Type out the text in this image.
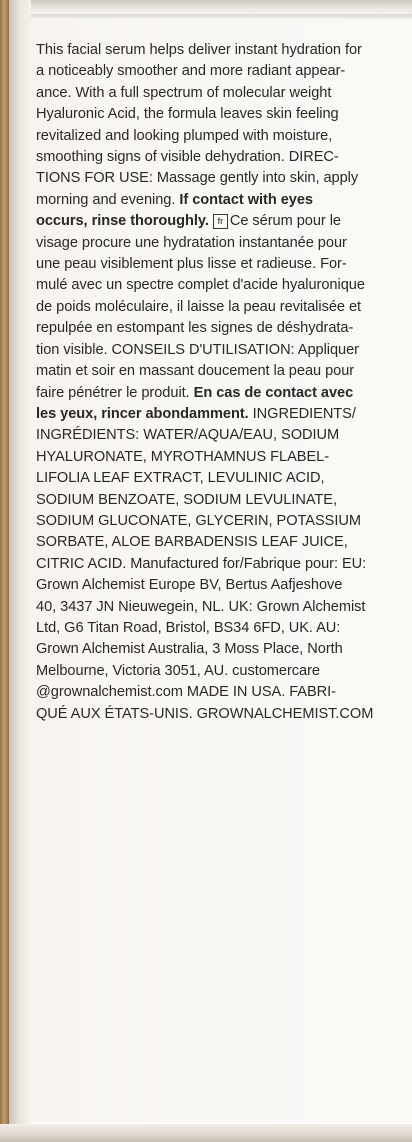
This facial serum helps deliver instant hydration for
a noticeably smoother and more radiant appear-
ance. With a full spectrum of molecular weight
Hyaluronic Acid, the formula leaves skin feeling
revitalized and looking plumped with moisture,
smoothing signs of visible dehydration. DIREC-
TIONS FOR USE: Massage gently into skin, apply
morning and evening. If contact with eyes
occurs, rinse thoroughly. fr Ce sérum pour le
visage procure une hydratation instantanée pour
une peau visiblement plus lisse et radieuse. For-
mulé avec un spectre complet d'acide hyaluronique
de poids moléculaire, il laisse la peau revitalisée et
repulpée en estompant les signes de déshydrata-
tion visible. CONSEILS D'UTILISATION: Appliquer
matin et soir en massant doucement la peau pour
faire pénétrer le produit. En cas de contact avec
les yeux, rincer abondamment. INGREDIENTS/
INGRÉDIENTS: WATER/AQUA/EAU, SODIUM
HYALURONATE, MYROTHAMNUS FLABEL-
LIFOLIA LEAF EXTRACT, LEVULINIC ACID,
SODIUM BENZOATE, SODIUM LEVULINATE,
SODIUM GLUCONATE, GLYCERIN, POTASSIUM
SORBATE, ALOE BARBADENSIS LEAF JUICE,
CITRIC ACID. Manufactured for/Fabrique pour: EU:
Grown Alchemist Europe BV, Bertus Aafjeshove
40, 3437 JN Nieuwegein, NL. UK: Grown Alchemist
Ltd, G6 Titan Road, Bristol, BS34 6FD, UK. AU:
Grown Alchemist Australia, 3 Moss Place, North
Melbourne, Victoria 3051, AU. customercare
@grownalchemist.com MADE IN USA. FABRI-
QUÉ AUX ÉTATS-UNIS. GROWNALCHEMIST.COM
